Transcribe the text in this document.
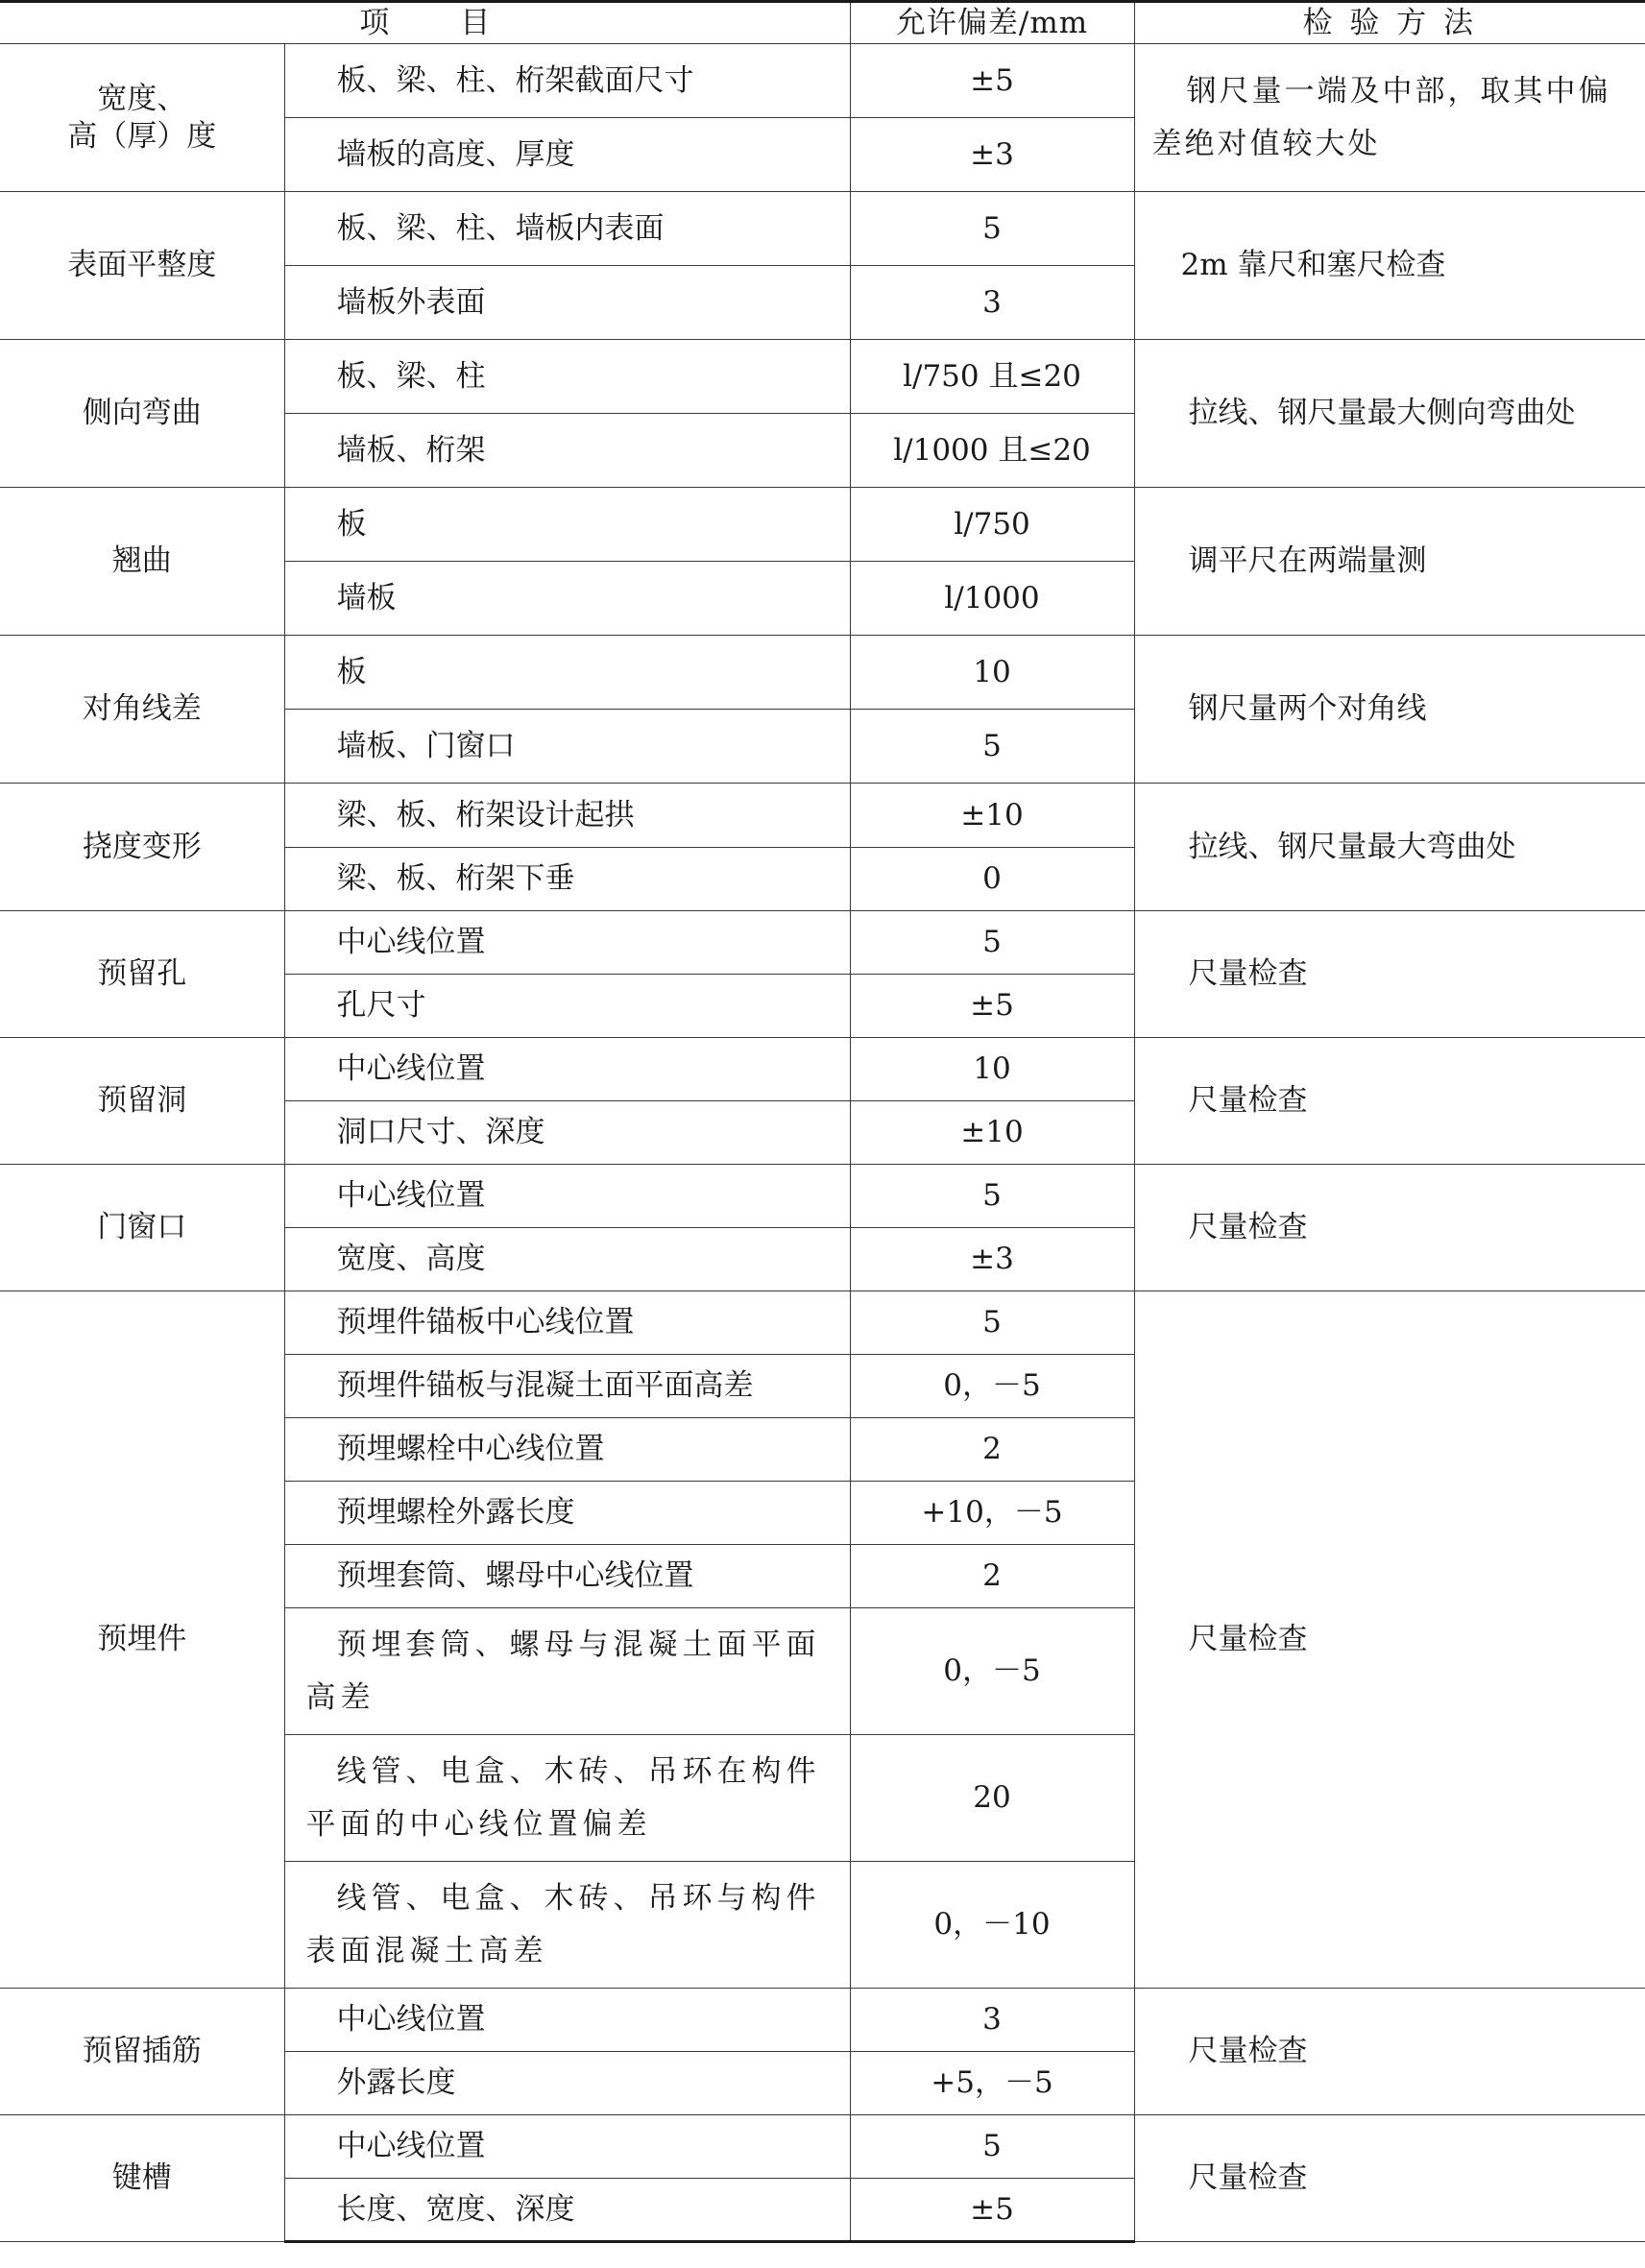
项 目		允许偏差/mm	检 验 方 法

宽度、
高（厚）度	板、梁、柱、桁架截面尺寸	±5	钢尺量一端及中部，取其中偏差绝对值较大处
	墙板的高度、厚度	±3	
表面平整度	板、梁、柱、墙板内表面	5	2m 靠尺和塞尺检查
	墙板外表面	3	
侧向弯曲	板、梁、柱	l/750 且≤20	拉线、钢尺量最大侧向弯曲处
	墙板、桁架	l/1000 且≤20	
翘曲	板	l/750	调平尺在两端量测
	墙板	l/1000	
对角线差	板	10	钢尺量两个对角线
	墙板、门窗口	5	
挠度变形	梁、板、桁架设计起拱	±10	拉线、钢尺量最大弯曲处
	梁、板、桁架下垂	0	
预留孔	中心线位置	5	尺量检查
	孔尺寸	±5	
预留洞	中心线位置	10	尺量检查
	洞口尺寸、深度	±10	
门窗口	中心线位置	5	尺量检查
	宽度、高度	±3	
预埋件	预埋件锚板中心线位置	5	尺量检查
	预埋件锚板与混凝土面平面高差	0，－5	
	预埋螺栓中心线位置	2	
	预埋螺栓外露长度	+10，－5	
	预埋套筒、螺母中心线位置	2	
	预埋套筒、螺母与混凝土面平面高差	0，－5	
	线管、电盒、木砖、吊环在构件平面的中心线位置偏差	20	
	线管、电盒、木砖、吊环与构件表面混凝土高差	0，－10	
预留插筋	中心线位置	3	尺量检查
	外露长度	+5，－5	
键槽	中心线位置	5	尺量检查
	长度、宽度、深度	±5	
